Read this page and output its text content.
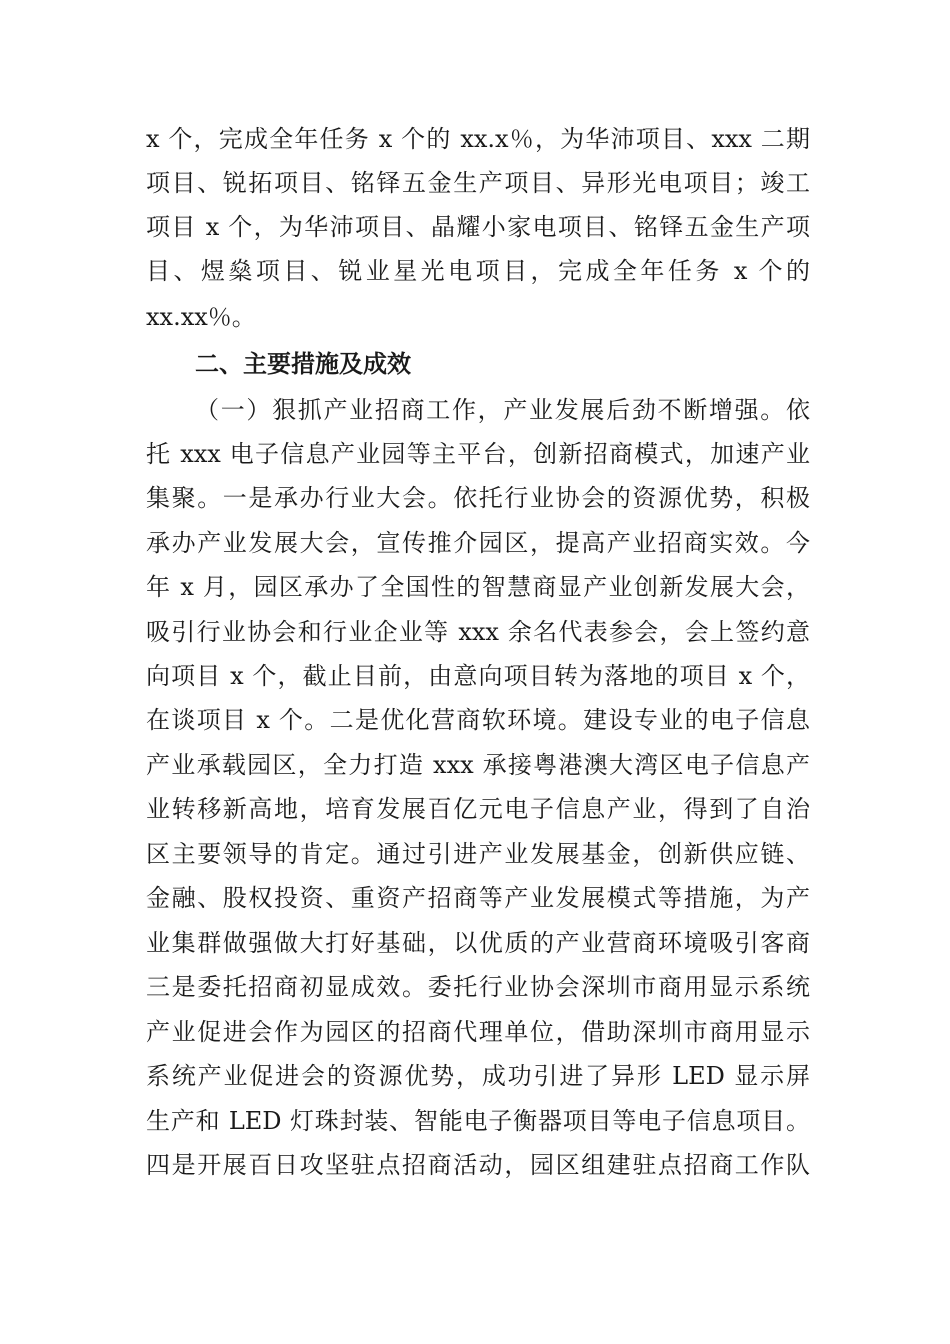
x 个，完成全年任务 x 个的 xx.x％，为华沛项目、xxx 二期
项目、锐拓项目、铭铎五金生产项目、异形光电项目；竣工
项目 x 个，为华沛项目、晶耀小家电项目、铭铎五金生产项
目、煜燊项目、锐业星光电项目，完成全年任务 x 个的
xx.xx％。
二、主要措施及成效
（一）狠抓产业招商工作，产业发展后劲不断增强。依
托 xxx 电子信息产业园等主平台，创新招商模式，加速产业
集聚。一是承办行业大会。依托行业协会的资源优势，积极
承办产业发展大会，宣传推介园区，提高产业招商实效。今
年 x 月，园区承办了全国性的智慧商显产业创新发展大会，
吸引行业协会和行业企业等 xxx 余名代表参会，会上签约意
向项目 x 个，截止目前，由意向项目转为落地的项目 x 个，
在谈项目 x 个。二是优化营商软环境。建设专业的电子信息
产业承载园区，全力打造 xxx 承接粤港澳大湾区电子信息产
业转移新高地，培育发展百亿元电子信息产业，得到了自治
区主要领导的肯定。通过引进产业发展基金，创新供应链、
金融、股权投资、重资产招商等产业发展模式等措施，为产
业集群做强做大打好基础，以优质的产业营商环境吸引客商
三是委托招商初显成效。委托行业协会深圳市商用显示系统
产业促进会作为园区的招商代理单位，借助深圳市商用显示
系统产业促进会的资源优势，成功引进了异形 LED 显示屏
生产和 LED 灯珠封装、智能电子衡器项目等电子信息项目。
四是开展百日攻坚驻点招商活动，园区组建驻点招商工作队
